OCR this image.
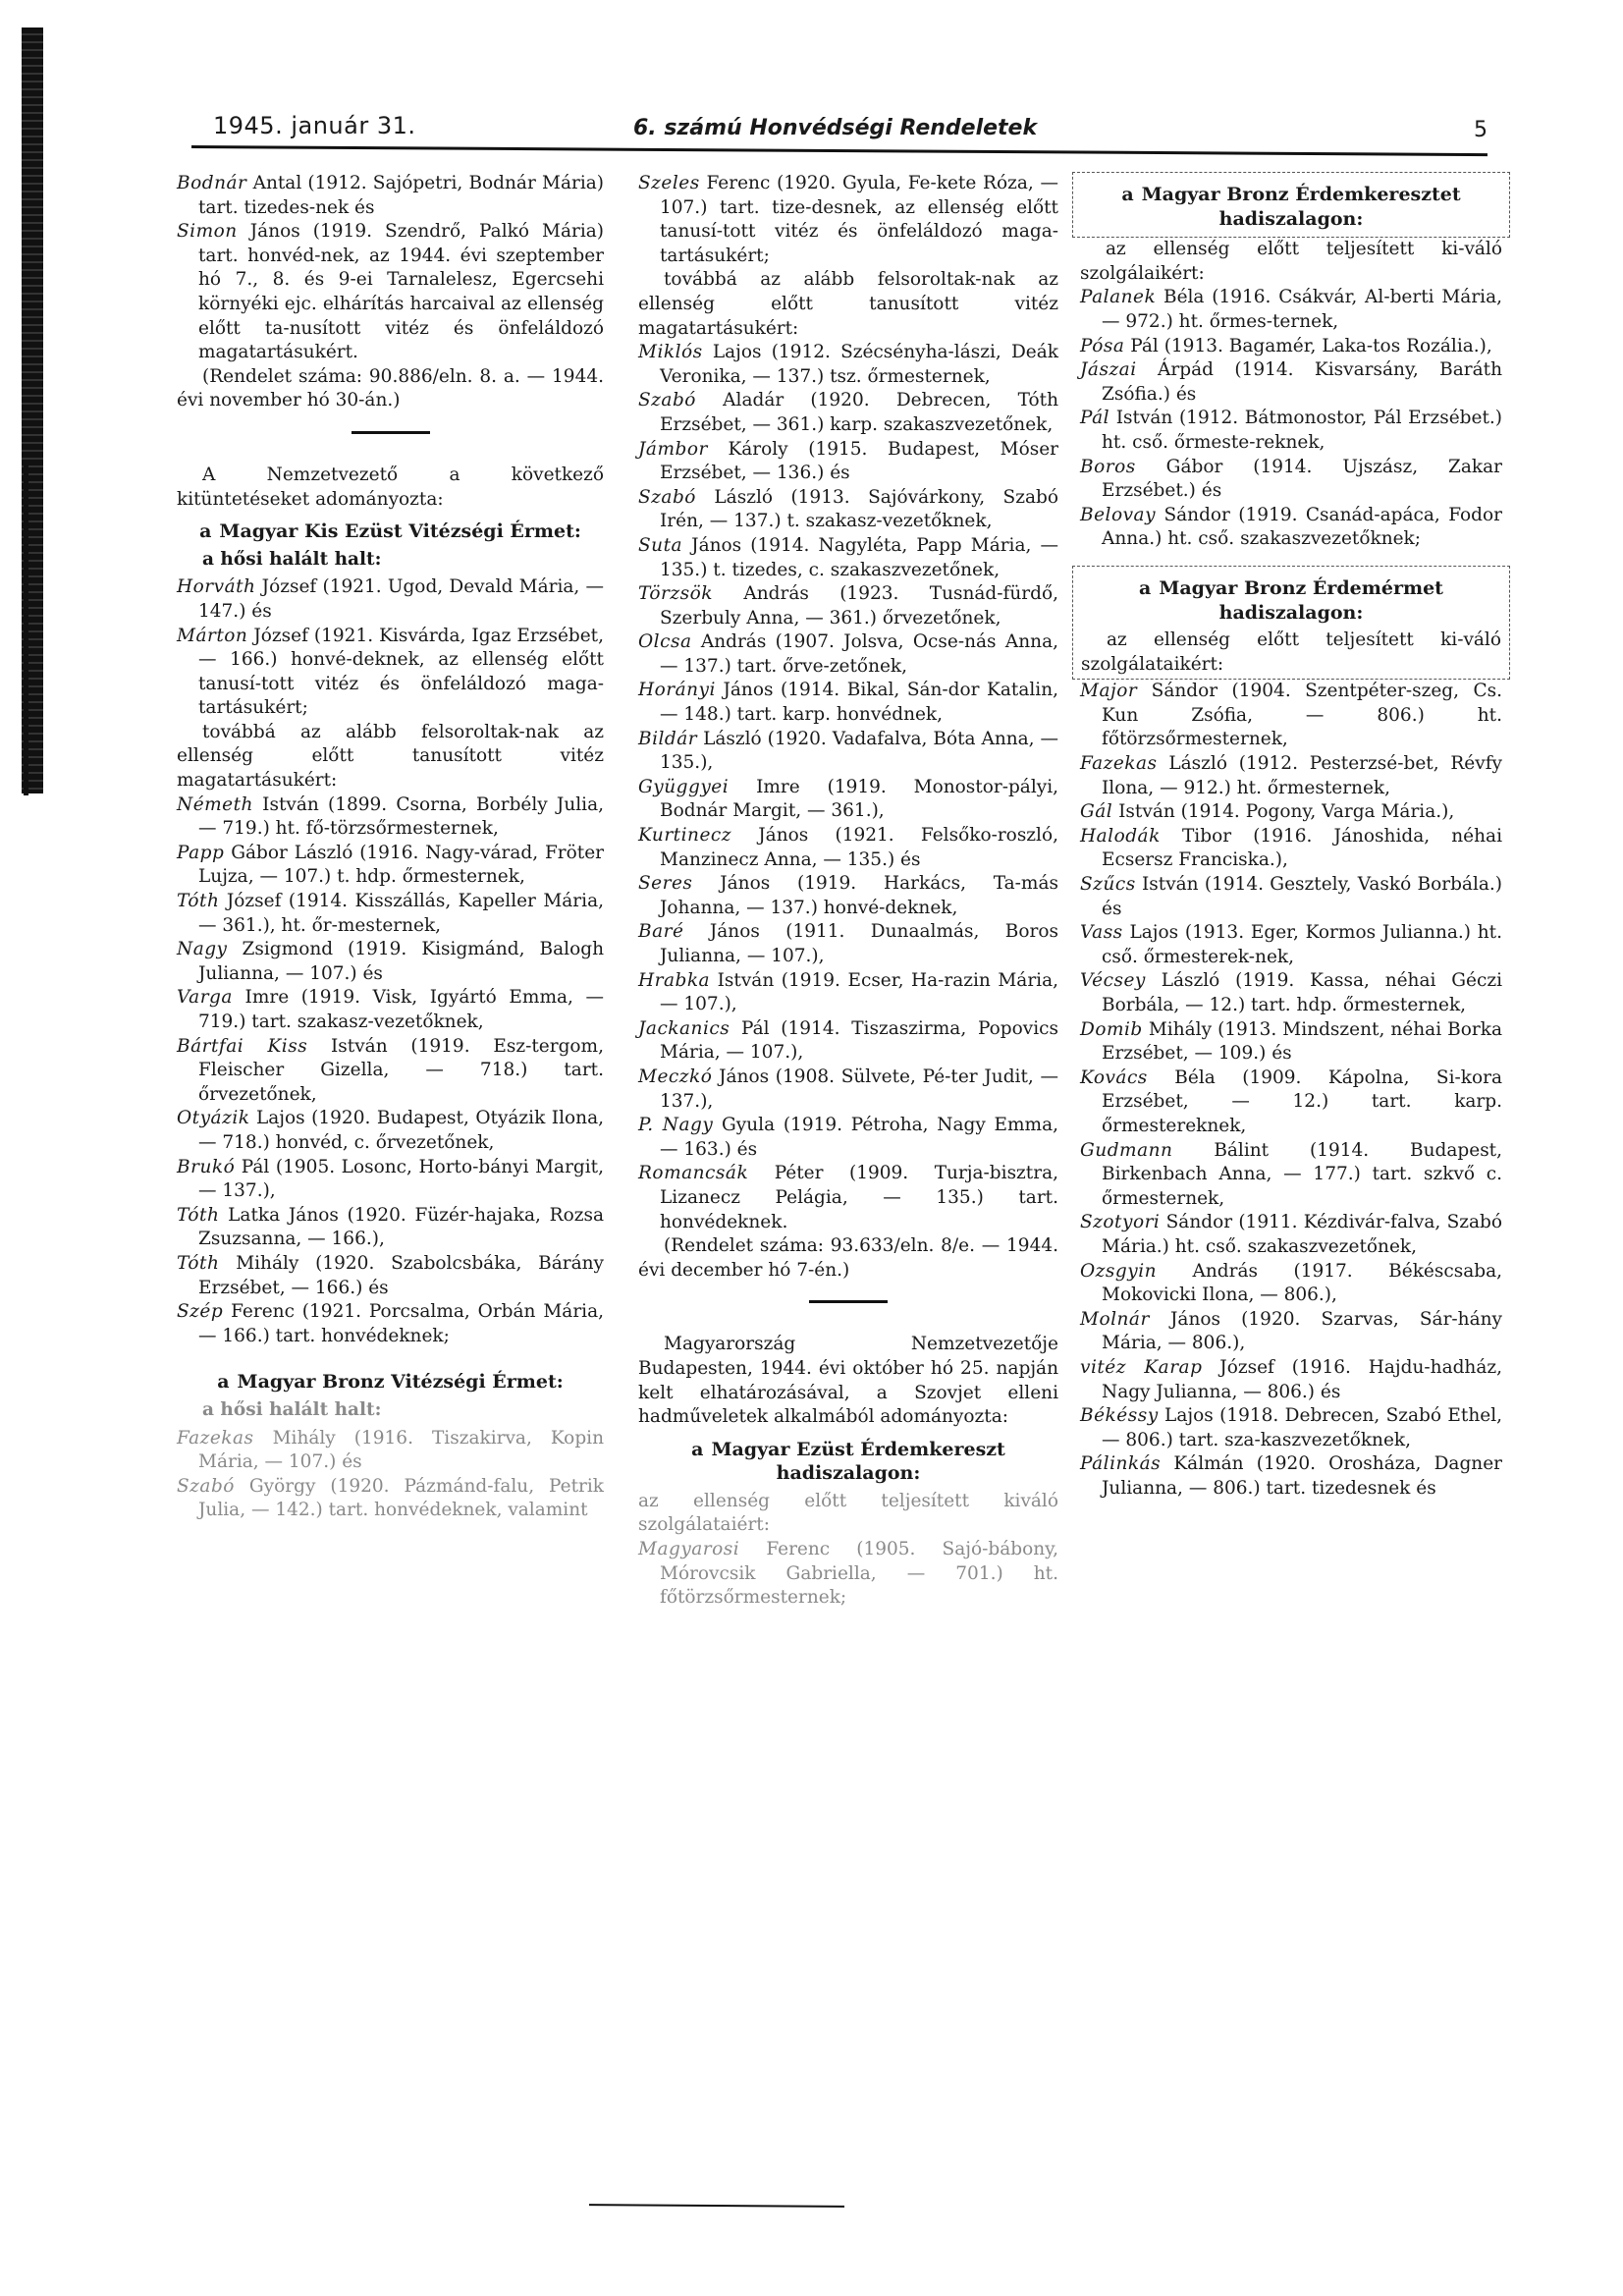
1945. január 31.	6. számú Honvédségi Rendeletek	5

Bodnár Antal (1912. Sajópetri, Bodnár Mária) tart. tizedes-nek és

Simon János (1919. Szendrő, Palkó Mária) tart. honvéd-nek, az 1944. évi szeptember hó 7., 8. és 9-ei Tarnalelesz, Egercsehi környéki ejc. elhárítás harcaival az ellenség előtt ta-nusított vitéz és önfeláldozó magatartásukért.

(Rendelet száma: 90.886/eln. 8. a. — 1944. évi november hó 30-án.)

A Nemzetvezető a következő kitüntetéseket adományozta:

a Magyar Kis Ezüst Vitézségi Érmet:

a hősi halált halt:

Horváth József (1921. Ugod, Devald Mária, — 147.) és

Márton József (1921. Kisvárda, Igaz Erzsébet, — 166.) honvé-deknek, az ellenség előtt tanusí-tott vitéz és önfeláldozó maga-tartásukért;

továbbá az alább felsoroltak-nak az ellenség előtt tanusított vitéz magatartásukért:

Németh István (1899. Csorna, Borbély Julia, — 719.) ht. fő-törzsőrmesternek,

Papp Gábor László (1916. Nagy-várad, Fröter Lujza, — 107.) t. hdp. őrmesternek,

Tóth József (1914. Kisszállás, Kapeller Mária, — 361.), ht. őr-mesternek,

Nagy Zsigmond (1919. Kisigmánd, Balogh Julianna, — 107.) és

Varga Imre (1919. Visk, Igyártó Emma, — 719.) tart. szakasz-vezetőknek,

Bártfai Kiss István (1919. Esz-tergom, Fleischer Gizella, — 718.) tart. őrvezetőnek,

Otyázik Lajos (1920. Budapest, Otyázik Ilona, — 718.) honvéd, c. őrvezetőnek,

Brukó Pál (1905. Losonc, Horto-bányi Margit, — 137.),

Tóth Latka János (1920. Füzér-hajaka, Rozsa Zsuzsanna, — 166.),

Tóth Mihály (1920. Szabolcsbáka, Bárány Erzsébet, — 166.) és

Szép Ferenc (1921. Porcsalma, Orbán Mária, — 166.) tart. honvédeknek;

a Magyar Bronz Vitézségi Érmet:

a hősi halált halt:

Fazekas Mihály (1916. Tiszakirva, Kopin Mária, — 107.) és

Szabó György (1920. Pázmánd-falu, Petrik Julia, — 142.) tart. honvédeknek, valamint

Szeles Ferenc (1920. Gyula, Fe-kete Róza, — 107.) tart. tize-desnek, az ellenség előtt tanusí-tott vitéz és önfeláldozó maga-tartásukért;

továbbá az alább felsoroltak-nak az ellenség előtt tanusított vitéz magatartásukért:

Miklós Lajos (1912. Szécsényha-lászi, Deák Veronika, — 137.) tsz. őrmesternek,

Szabó Aladár (1920. Debrecen, Tóth Erzsébet, — 361.) karp. szakaszvezetőnek,

Jámbor Károly (1915. Budapest, Móser Erzsébet, — 136.) és

Szabó László (1913. Sajóvárkony, Szabó Irén, — 137.) t. szakasz-vezetőknek,

Suta János (1914. Nagyléta, Papp Mária, — 135.) t. tizedes, c. szakaszvezetőnek,

Törzsök András (1923. Tusnád-fürdő, Szerbuly Anna, — 361.) őrvezetőnek,

Olcsa András (1907. Jolsva, Ocse-nás Anna, — 137.) tart. őrve-zetőnek,

Horányi János (1914. Bikal, Sán-dor Katalin, — 148.) tart. karp. honvédnek,

Bildár László (1920. Vadafalva, Bóta Anna, — 135.),

Gyüggyei Imre (1919. Monostor-pályi, Bodnár Margit, — 361.),

Kurtinecz János (1921. Felsőko-roszló, Manzinecz Anna, — 135.) és

Seres János (1919. Harkács, Ta-más Johanna, — 137.) honvé-deknek,

Baré János (1911. Dunaalmás, Boros Julianna, — 107.),

Hrabka István (1919. Ecser, Ha-razin Mária, — 107.),

Jackanics Pál (1914. Tiszaszirma, Popovics Mária, — 107.),

Meczkó János (1908. Sülvete, Pé-ter Judit, — 137.),

P. Nagy Gyula (1919. Pétroha, Nagy Emma, — 163.) és

Romancsák Péter (1909. Turja-bisztra, Lizanecz Pelágia, — 135.) tart. honvédeknek.

(Rendelet száma: 93.633/eln. 8/e. — 1944. évi december hó 7-én.)

Magyarország Nemzetvezetője Budapesten, 1944. évi október hó 25. napján kelt elhatározásával, a Szovjet elleni hadműveletek alkalmából adományozta:

a Magyar Ezüst Érdemkereszt hadiszalagon:

az ellenség előtt teljesített kiváló szolgálataiért:

Magyarosi Ferenc (1905. Sajó-bábony, Mórovcsik Gabriella, — 701.) ht. főtörzsőrmesternek;

a Magyar Bronz Érdemkeresztet hadiszalagon:

az ellenség előtt teljesített ki-váló szolgálaikért:

Palanek Béla (1916. Csákvár, Al-berti Mária, — 972.) ht. őrmes-ternek,

Pósa Pál (1913. Bagamér, Laka-tos Rozália.),

Jászai Árpád (1914. Kisvarsány, Baráth Zsófia.) és

Pál István (1912. Bátmonostor, Pál Erzsébet.) ht. cső. őrmeste-reknek,

Boros Gábor (1914. Ujszász, Zakar Erzsébet.) és

Belovay Sándor (1919. Csanád-apáca, Fodor Anna.) ht. cső. szakaszvezetőknek;

a Magyar Bronz Érdemérmet hadiszalagon:

az ellenség előtt teljesített ki-váló szolgálataikért:

Major Sándor (1904. Szentpéter-szeg, Cs. Kun Zsófia, — 806.) ht. főtörzsőrmesternek,

Fazekas László (1912. Pesterzsé-bet, Révfy Ilona, — 912.) ht. őrmesternek,

Gál István (1914. Pogony, Varga Mária.),

Halodák Tibor (1916. Jánoshida, néhai Ecsersz Franciska.),

Szűcs István (1914. Gesztely, Vaskó Borbála.) és

Vass Lajos (1913. Eger, Kormos Julianna.) ht. cső. őrmesterek-nek,

Vécsey László (1919. Kassa, néhai Géczi Borbála, — 12.) tart. hdp. őrmesternek,

Domib Mihály (1913. Mindszent, néhai Borka Erzsébet, — 109.) és

Kovács Béla (1909. Kápolna, Si-kora Erzsébet, — 12.) tart. karp. őrmestereknek,

Gudmann Bálint (1914. Budapest, Birkenbach Anna, — 177.) tart. szkvő c. őrmesternek,

Szotyori Sándor (1911. Kézdivár-falva, Szabó Mária.) ht. cső. szakaszvezetőnek,

Ozsgyin András (1917. Békéscsaba, Mokovicki Ilona, — 806.),

Molnár János (1920. Szarvas, Sár-hány Mária, — 806.),

vitéz Karap József (1916. Hajdu-hadház, Nagy Julianna, — 806.) és

Békéssy Lajos (1918. Debrecen, Szabó Ethel, — 806.) tart. sza-kaszvezetőknek,

Pálinkás Kálmán (1920. Orosháza, Dagner Julianna, — 806.) tart. tizedesnek és
